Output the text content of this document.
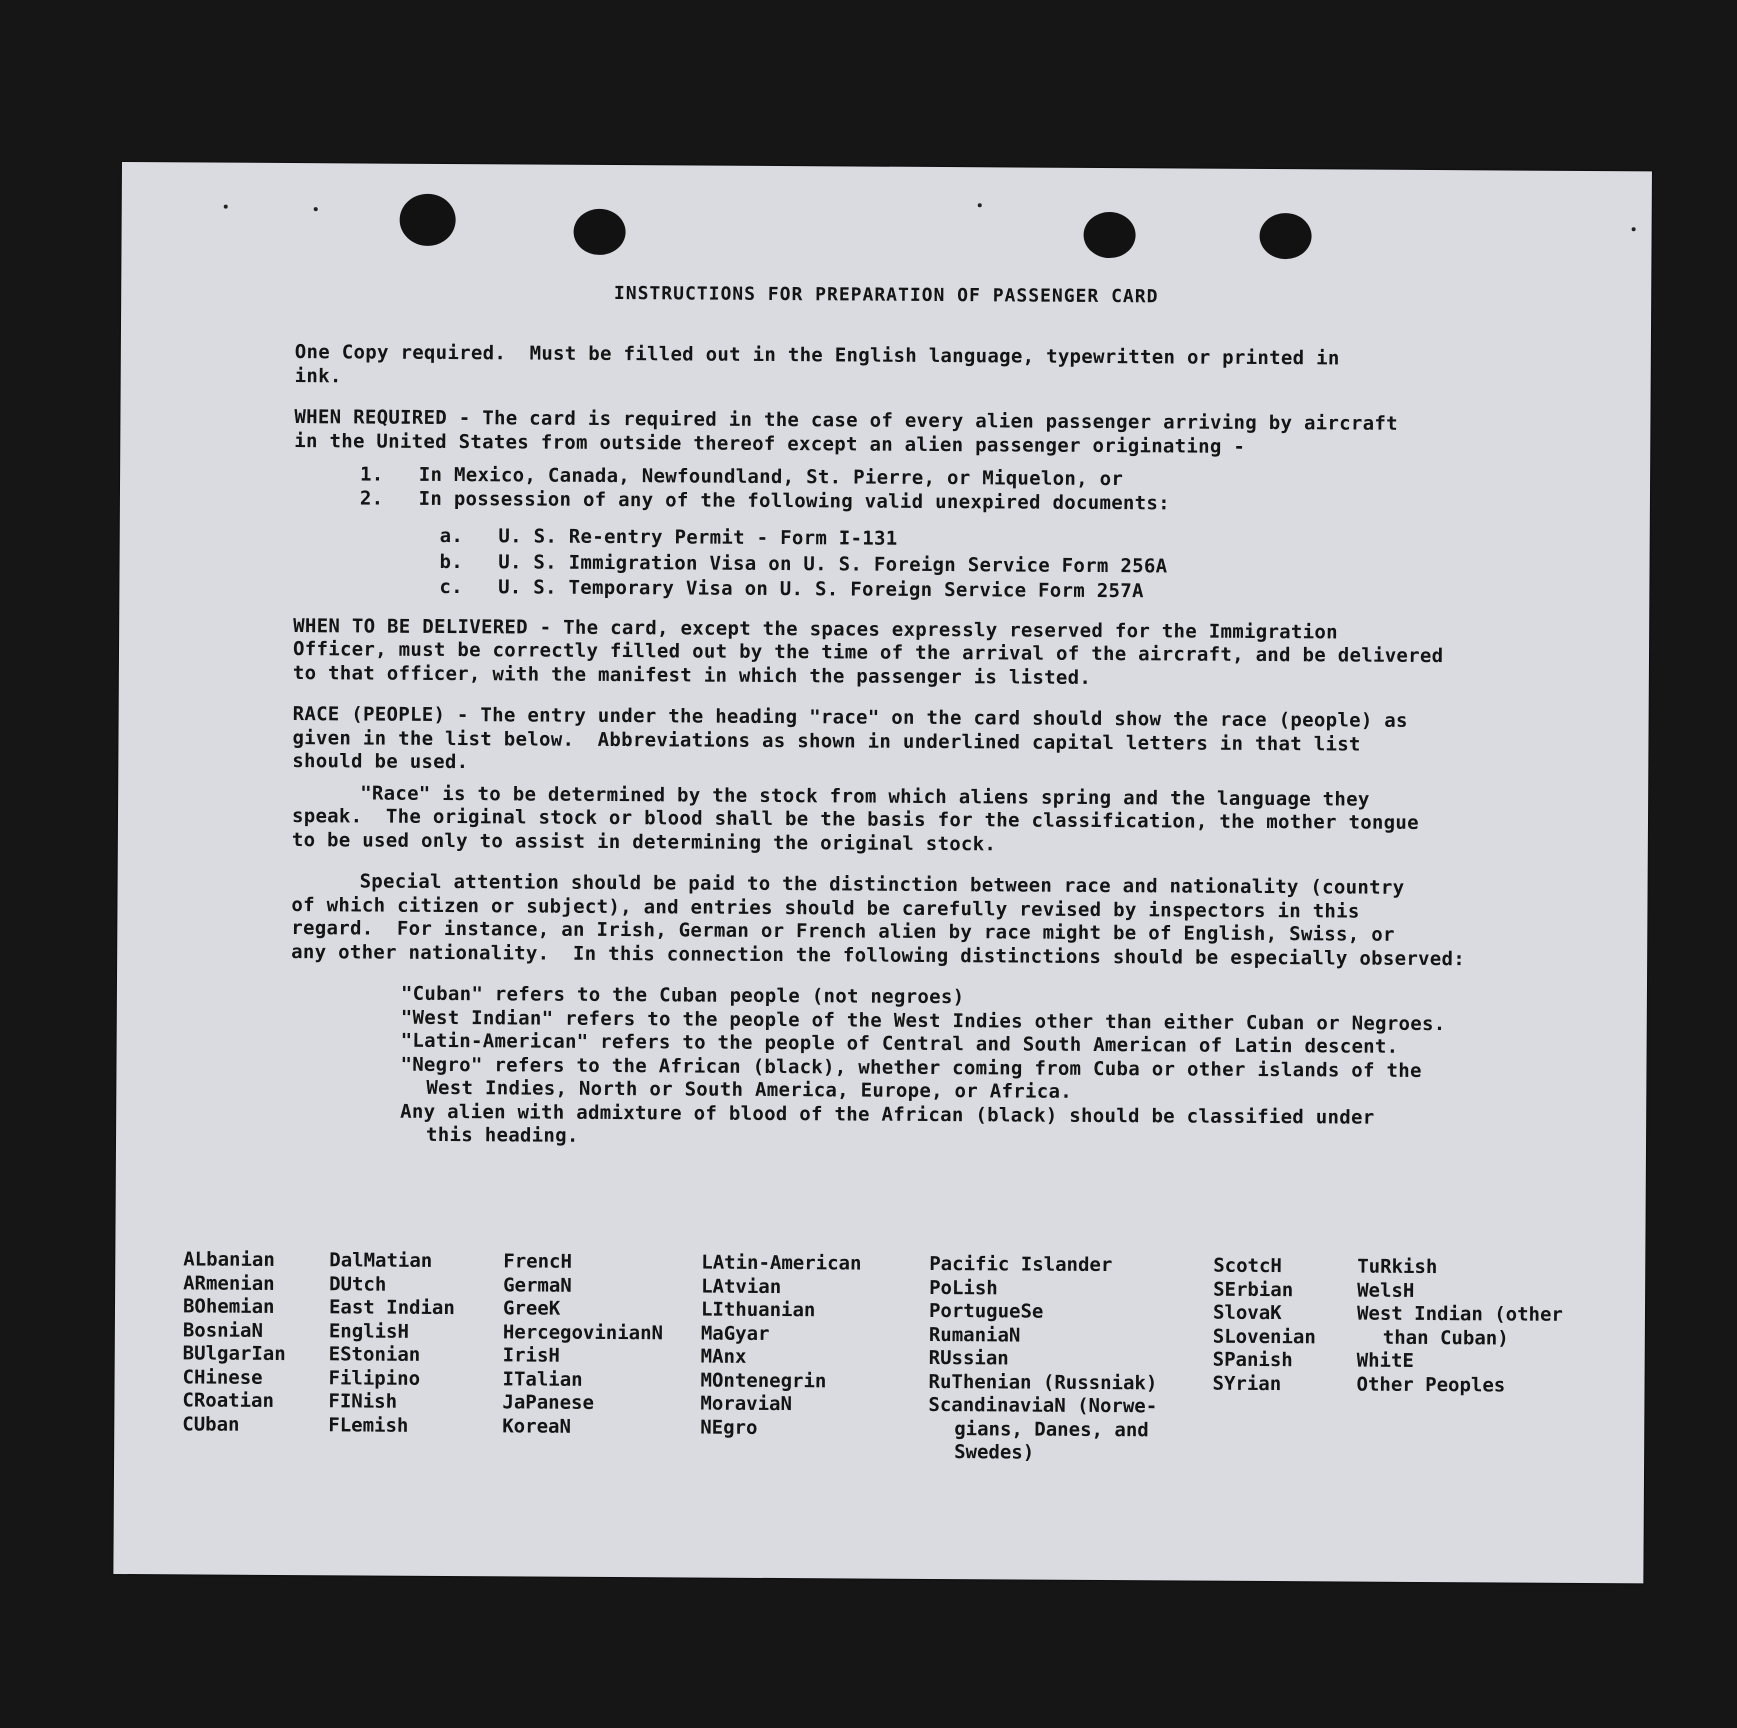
INSTRUCTIONS FOR PREPARATION OF PASSENGER CARD

One Copy required.  Must be filled out in the English language, typewritten or printed in
ink.

WHEN REQUIRED - The card is required in the case of every alien passenger arriving by aircraft
in the United States from outside thereof except an alien passenger originating -

1.   In Mexico, Canada, Newfoundland, St. Pierre, or Miquelon, or
2.   In possession of any of the following valid unexpired documents:
a.   U. S. Re-entry Permit - Form I-131
b.   U. S. Immigration Visa on U. S. Foreign Service Form 256A
c.   U. S. Temporary Visa on U. S. Foreign Service Form 257A

WHEN TO BE DELIVERED - The card, except the spaces expressly reserved for the Immigration
Officer, must be correctly filled out by the time of the arrival of the aircraft, and be delivered
to that officer, with the manifest in which the passenger is listed.

RACE (PEOPLE) - The entry under the heading "race" on the card should show the race (people) as
given in the list below.  Abbreviations as shown in underlined capital letters in that list
should be used.

"Race" is to be determined by the stock from which aliens spring and the language they
speak.  The original stock or blood shall be the basis for the classification, the mother tongue
to be used only to assist in determining the original stock.

Special attention should be paid to the distinction between race and nationality (country
of which citizen or subject), and entries should be carefully revised by inspectors in this
regard.  For instance, an Irish, German or French alien by race might be of English, Swiss, or
any other nationality.  In this connection the following distinctions should be especially observed:

"Cuban" refers to the Cuban people (not negroes)
"West Indian" refers to the people of the West Indies other than either Cuban or Negroes.
"Latin-American" refers to the people of Central and South American of Latin descent.
"Negro" refers to the African (black), whether coming from Cuba or other islands of the
West Indies, North or South America, Europe, or Africa.
Any alien with admixture of blood of the African (black) should be classified under
this heading.
ALbanian
ARmenian
BOhemian
BosniaN
BUlgarIan
CHinese
CRoatian
CUban
DalMatian
DUtch
East Indian
EnglisH
EStonian
Filipino
FINish
FLemish
FrencH
GermaN
GreeK
HercegovinianN
IrisH
ITalian
JaPanese
KoreaN
LAtin-American
LAtvian
LIthuanian
MaGyar
MAnx
MOntenegrin
MoraviaN
NEgro
Pacific Islander
PoLish
PortugueSe
RumaniaN
RUssian
RuThenian (Russniak)
ScandinaviaN (Norwe-
gians, Danes, and
Swedes)
ScotcH
SErbian
SlovaK
SLovenian
SPanish
SYrian
TuRkish
WelsH
West Indian (other
than Cuban)
WhitE
Other Peoples
